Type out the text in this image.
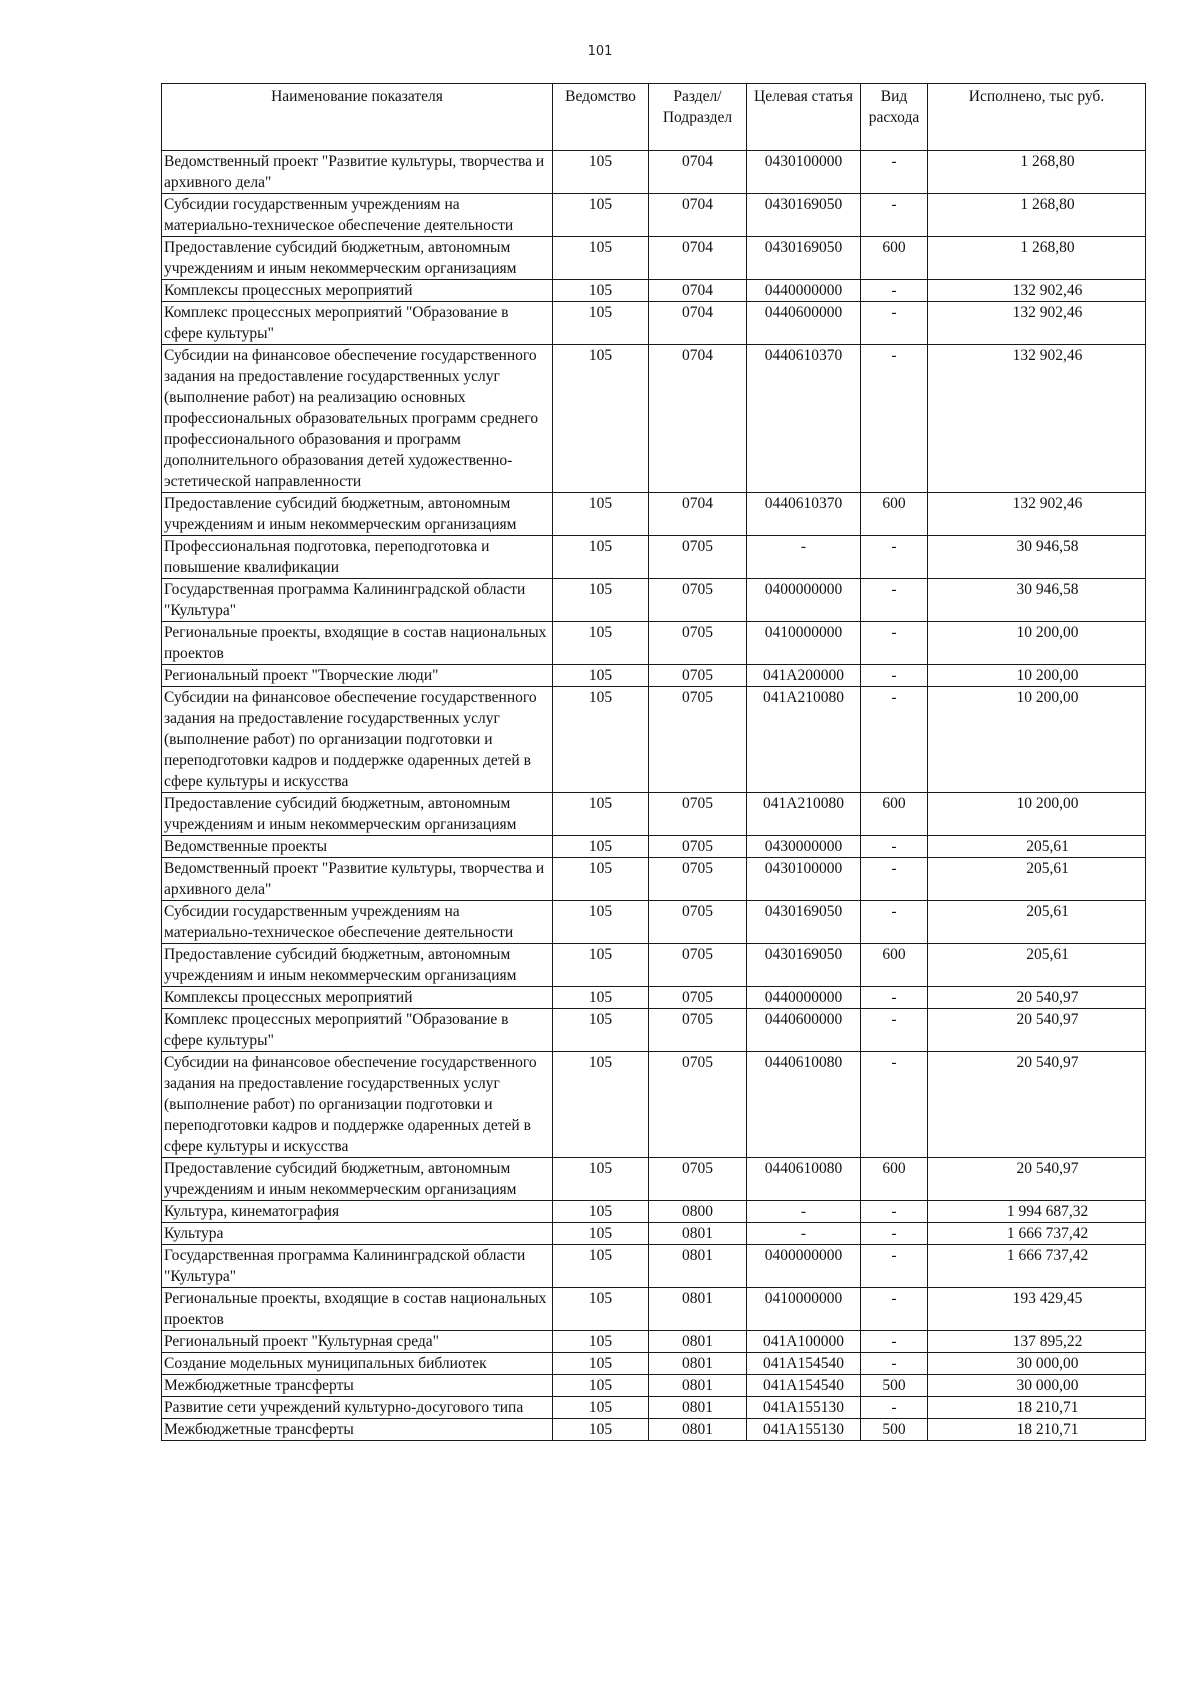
101
Наименование показателя	Ведомство	Раздел/ Подраздел	Целевая статья	Вид расхода	Исполнено, тыс руб.
Ведомственный проект "Развитие культуры, творчества и архивного дела"	105	0704	0430100000	-	1 268,80
Субсидии государственным учреждениям на материально-техническое обеспечение деятельности	105	0704	0430169050	-	1 268,80
Предоставление субсидий бюджетным, автономным учреждениям и иным некоммерческим организациям	105	0704	0430169050	600	1 268,80
Комплексы процессных мероприятий	105	0704	0440000000	-	132 902,46
Комплекс процессных мероприятий "Образование в сфере культуры"	105	0704	0440600000	-	132 902,46
Субсидии на финансовое обеспечение государственного задания на предоставление государственных услуг (выполнение работ) на реализацию основных профессиональных образовательных программ среднего профессионального образования и программ дополнительного образования детей художественно-эстетической направленности	105	0704	0440610370	-	132 902,46
Предоставление субсидий бюджетным, автономным учреждениям и иным некоммерческим организациям	105	0704	0440610370	600	132 902,46
Профессиональная подготовка, переподготовка и повышение квалификации	105	0705	-	-	30 946,58
Государственная программа Калининградской области "Культура"	105	0705	0400000000	-	30 946,58
Региональные проекты, входящие в состав национальных проектов	105	0705	0410000000	-	10 200,00
Региональный проект "Творческие люди"	105	0705	041A200000	-	10 200,00
Субсидии на финансовое обеспечение государственного задания на предоставление государственных услуг (выполнение работ) по организации подготовки и переподготовки кадров и поддержке одаренных детей в сфере культуры и искусства	105	0705	041A210080	-	10 200,00
Предоставление субсидий бюджетным, автономным учреждениям и иным некоммерческим организациям	105	0705	041A210080	600	10 200,00
Ведомственные проекты	105	0705	0430000000	-	205,61
Ведомственный проект "Развитие культуры, творчества и архивного дела"	105	0705	0430100000	-	205,61
Субсидии государственным учреждениям на материально-техническое обеспечение деятельности	105	0705	0430169050	-	205,61
Предоставление субсидий бюджетным, автономным учреждениям и иным некоммерческим организациям	105	0705	0430169050	600	205,61
Комплексы процессных мероприятий	105	0705	0440000000	-	20 540,97
Комплекс процессных мероприятий "Образование в сфере культуры"	105	0705	0440600000	-	20 540,97
Субсидии на финансовое обеспечение государственного задания на предоставление государственных услуг (выполнение работ) по организации подготовки и переподготовки кадров и поддержке одаренных детей в сфере культуры и искусства	105	0705	0440610080	-	20 540,97
Предоставление субсидий бюджетным, автономным учреждениям и иным некоммерческим организациям	105	0705	0440610080	600	20 540,97
Культура, кинематография	105	0800	-	-	1 994 687,32
Культура	105	0801	-	-	1 666 737,42
Государственная программа Калининградской области "Культура"	105	0801	0400000000	-	1 666 737,42
Региональные проекты, входящие в состав национальных проектов	105	0801	0410000000	-	193 429,45
Региональный проект "Культурная среда"	105	0801	041A100000	-	137 895,22
Создание модельных муниципальных библиотек	105	0801	041A154540	-	30 000,00
Межбюджетные трансферты	105	0801	041A154540	500	30 000,00
Развитие сети учреждений культурно-досугового типа	105	0801	041A155130	-	18 210,71
Межбюджетные трансферты	105	0801	041A155130	500	18 210,71
